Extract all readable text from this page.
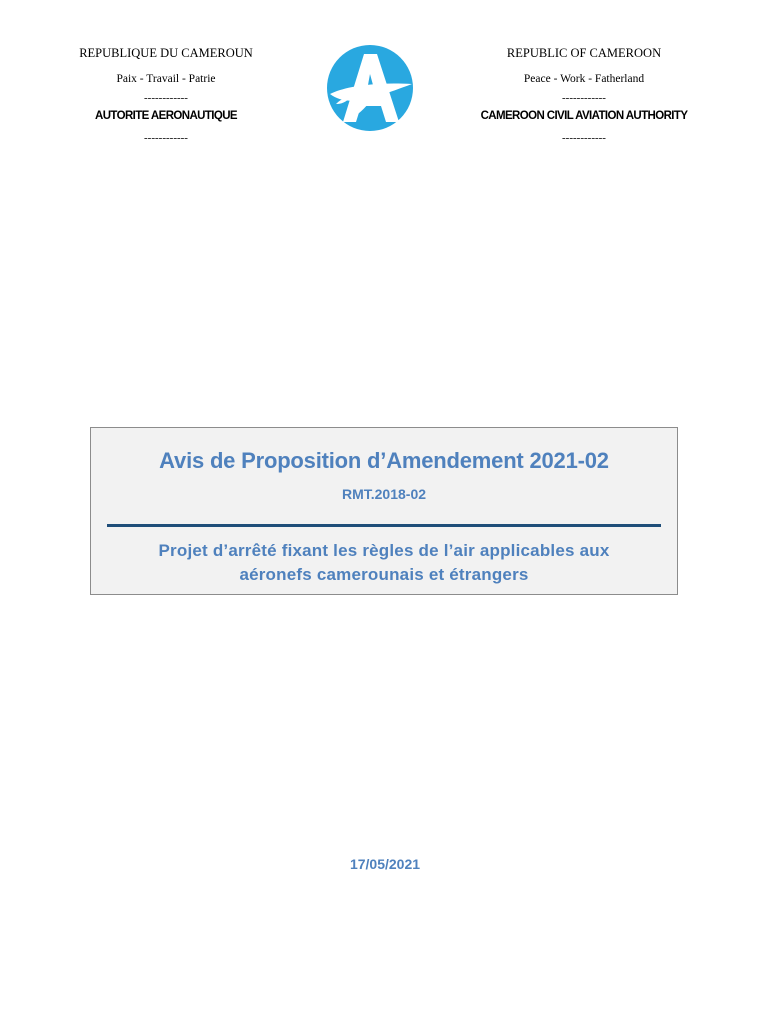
REPUBLIQUE DU CAMEROUN
Paix - Travail - Patrie
------------
AUTORITE AERONAUTIQUE
------------
REPUBLIC OF CAMEROON
Peace - Work - Fatherland
------------
CAMEROON CIVIL AVIATION AUTHORITY
------------
Avis de Proposition d’Amendement 2021-02
RMT.2018-02
Projet d’arrêté fixant les règles de l’air applicables aux
aéronefs camerounais et étrangers
17/05/2021
